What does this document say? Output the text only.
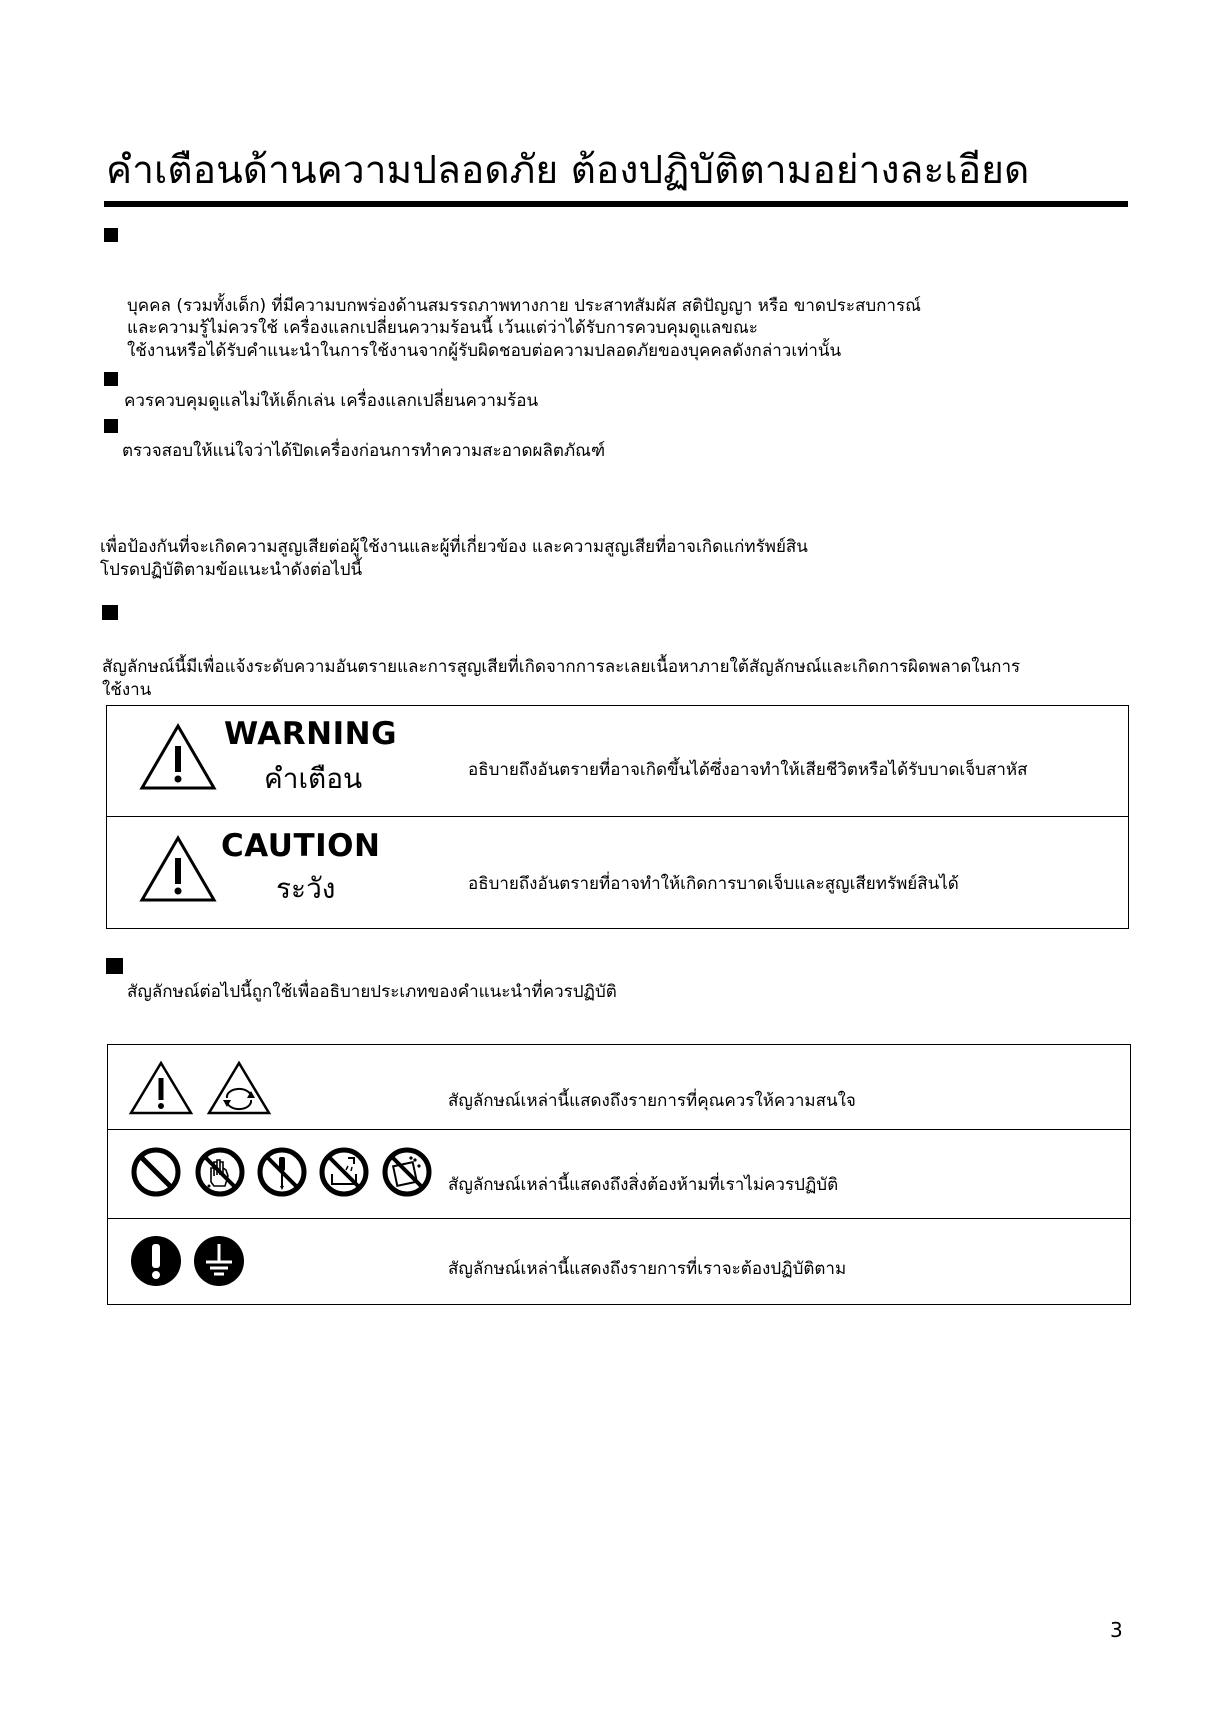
คำเตือนด้านความปลอดภัย ต้องปฏิบัติตามอย่างละเอียด
บุคคล (รวมทั้งเด็ก) ที่มีความบกพร่องด้านสมรรถภาพทางกาย ประสาทสัมผัส สติปัญญา หรือ ขาดประสบการณ์
และความรู้ไม่ควรใช้ เครื่องแลกเปลี่ยนความร้อนนี้ เว้นแต่ว่าได้รับการควบคุมดูแลขณะ
ใช้งานหรือได้รับคำแนะนำในการใช้งานจากผู้รับผิดชอบต่อความปลอดภัยของบุคคลดังกล่าวเท่านั้น
ควรควบคุมดูแลไม่ให้เด็กเล่น เครื่องแลกเปลี่ยนความร้อน
ตรวจสอบให้แน่ใจว่าได้ปิดเครื่องก่อนการทำความสะอาดผลิตภัณฑ์
เพื่อป้องกันที่จะเกิดความสูญเสียต่อผู้ใช้งานและผู้ที่เกี่ยวข้อง และความสูญเสียที่อาจเกิดแก่ทรัพย์สิน
โปรดปฏิบัติตามข้อแนะนำดังต่อไปนี้
สัญลักษณ์นี้มีเพื่อแจ้งระดับความอันตรายและการสูญเสียที่เกิดจากการละเลยเนื้อหาภายใต้สัญลักษณ์และเกิดการผิดพลาดในการ
ใช้งาน
WARNING
คำเตือน	อธิบายถึงอันตรายที่อาจเกิดขึ้นได้ซึ่งอาจทำให้เสียชีวิตหรือได้รับบาดเจ็บสาหัส
CAUTION
ระวัง	อธิบายถึงอันตรายที่อาจทำให้เกิดการบาดเจ็บและสูญเสียทรัพย์สินได้
สัญลักษณ์ต่อไปนี้ถูกใช้เพื่ออธิบายประเภทของคำแนะนำที่ควรปฏิบัติ
สัญลักษณ์เหล่านี้แสดงถึงรายการที่คุณควรให้ความสนใจ
สัญลักษณ์เหล่านี้แสดงถึงสิ่งต้องห้ามที่เราไม่ควรปฏิบัติ
สัญลักษณ์เหล่านี้แสดงถึงรายการที่เราจะต้องปฏิบัติตาม
3
